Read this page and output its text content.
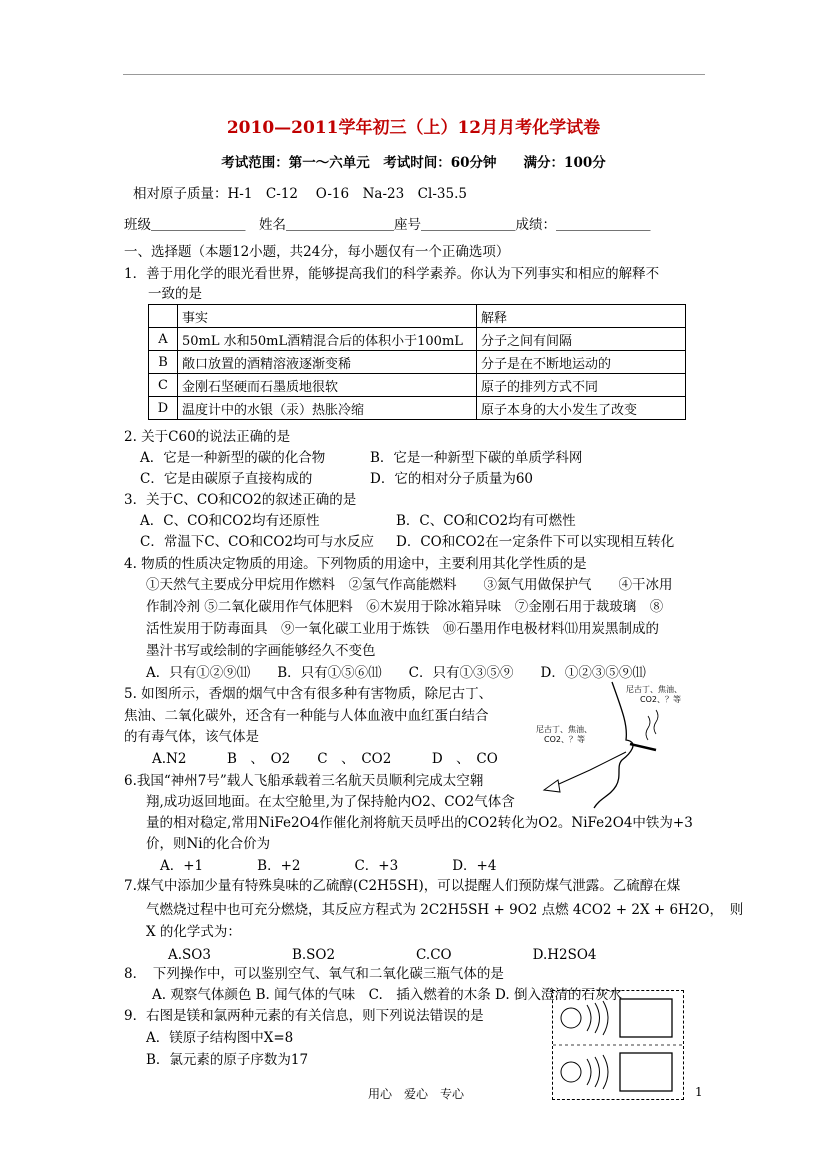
2010—2011学年初三（上）12月月考化学试卷
考试范围：第一～六单元　考试时间：60分钟　　满分：100分
相对原子质量：H-1　C-12　 O-16　Na-23　Cl-35.5
班级＿＿＿＿＿＿＿　姓名＿＿＿＿＿＿＿＿座号＿＿＿＿＿＿＿成绩：＿＿＿＿＿＿＿
一、选择题（本题12小题，共24分，每小题仅有一个正确选项）
1．善于用化学的眼光看世界，能够提高我们的科学素养。你认为下列事实和相应的解释不
一致的是
	事实	解释
A	50mL 水和50mL酒精混合后的体积小于100mL	分子之间有间隔
B	敞口放置的酒精溶液逐渐变稀	分子是在不断地运动的
C	金刚石坚硬而石墨质地很软	原子的排列方式不同
D	温度计中的水银（汞）热胀冷缩	原子本身的大小发生了改变
2. 关于C60的说法正确的是
A．它是一种新型的碳的化合物	B．它是一种新型下碳的单质学科网
C．它是由碳原子直接构成的	D．它的相对分子质量为60
3．关于C、CO和CO2的叙述正确的是
A．C、CO和CO2均有还原性	B．C、CO和CO2均有可燃性
C．常温下C、CO和CO2均可与水反应 D．CO和CO2在一定条件下可以实现相互转化
4. 物质的性质决定物质的用途。下列物质的用途中，主要利用其化学性质的是
①天然气主要成分甲烷用作燃料　②氢气作高能燃料　　③氮气用做保护气　　④干冰用
作制冷剂 ⑤二氧化碳用作气体肥料　⑥木炭用于除冰箱异味　⑦金刚石用于裁玻璃　⑧
活性炭用于防毒面具　⑨一氧化碳工业用于炼铁　⑩石墨用作电极材料⑾用炭黑制成的
墨汁书写或绘制的字画能够经久不变色
A．只有①②⑨⑾　　B．只有①⑤⑥⑾　　C．只有①③⑤⑨　　D．①②③⑤⑨⑾
5. 如图所示，香烟的烟气中含有很多种有害物质，除尼古丁、
焦油、二氧化碳外，还含有一种能与人体血液中血红蛋白结合
的有毒气体，该气体是
A.N2　　　B　、　O2　　C　、　CO2　　　D　、　CO
尼古丁、焦油、
CO2、？等
尼古丁、焦油、
CO2、？等
6.我国“神州7号”载人飞船承载着三名航天员顺利完成太空翱
翔,成功返回地面。在太空舱里,为了保持舱内O2、CO2气体含
量的相对稳定,常用NiFe2O4作催化剂将航天员呼出的CO2转化为O2。NiFe2O4中铁为+3
价，则Ni的化合价为
A．+1　　　　B．+2　　　　C．+3　　　　D．+4
7.煤气中添加少量有特殊臭味的乙硫醇(C2H5SH)，可以提醒人们预防煤气泄露。乙硫醇在煤
气燃烧过程中也可充分燃烧，其反应方程式为 2C2H5SH + 9O2 点燃 4CO2 + 2X + 6H2O，　则
X 的化学式为：
A.SO3　　　　　　B.SO2　　　　　　C.CO　　　　　　D.H2SO4
8．　下列操作中，可以鉴别空气、氧气和二氧化碳三瓶气体的是
A. 观察气体颜色 B. 闻气体的气味　C.　插入燃着的木条 D. 倒入澄清的石灰水
9．右图是镁和氯两种元素的有关信息，则下列说法错误的是
A．镁原子结构图中X=8
B．氯元素的原子序数为17
用心　爱心　专心	1
